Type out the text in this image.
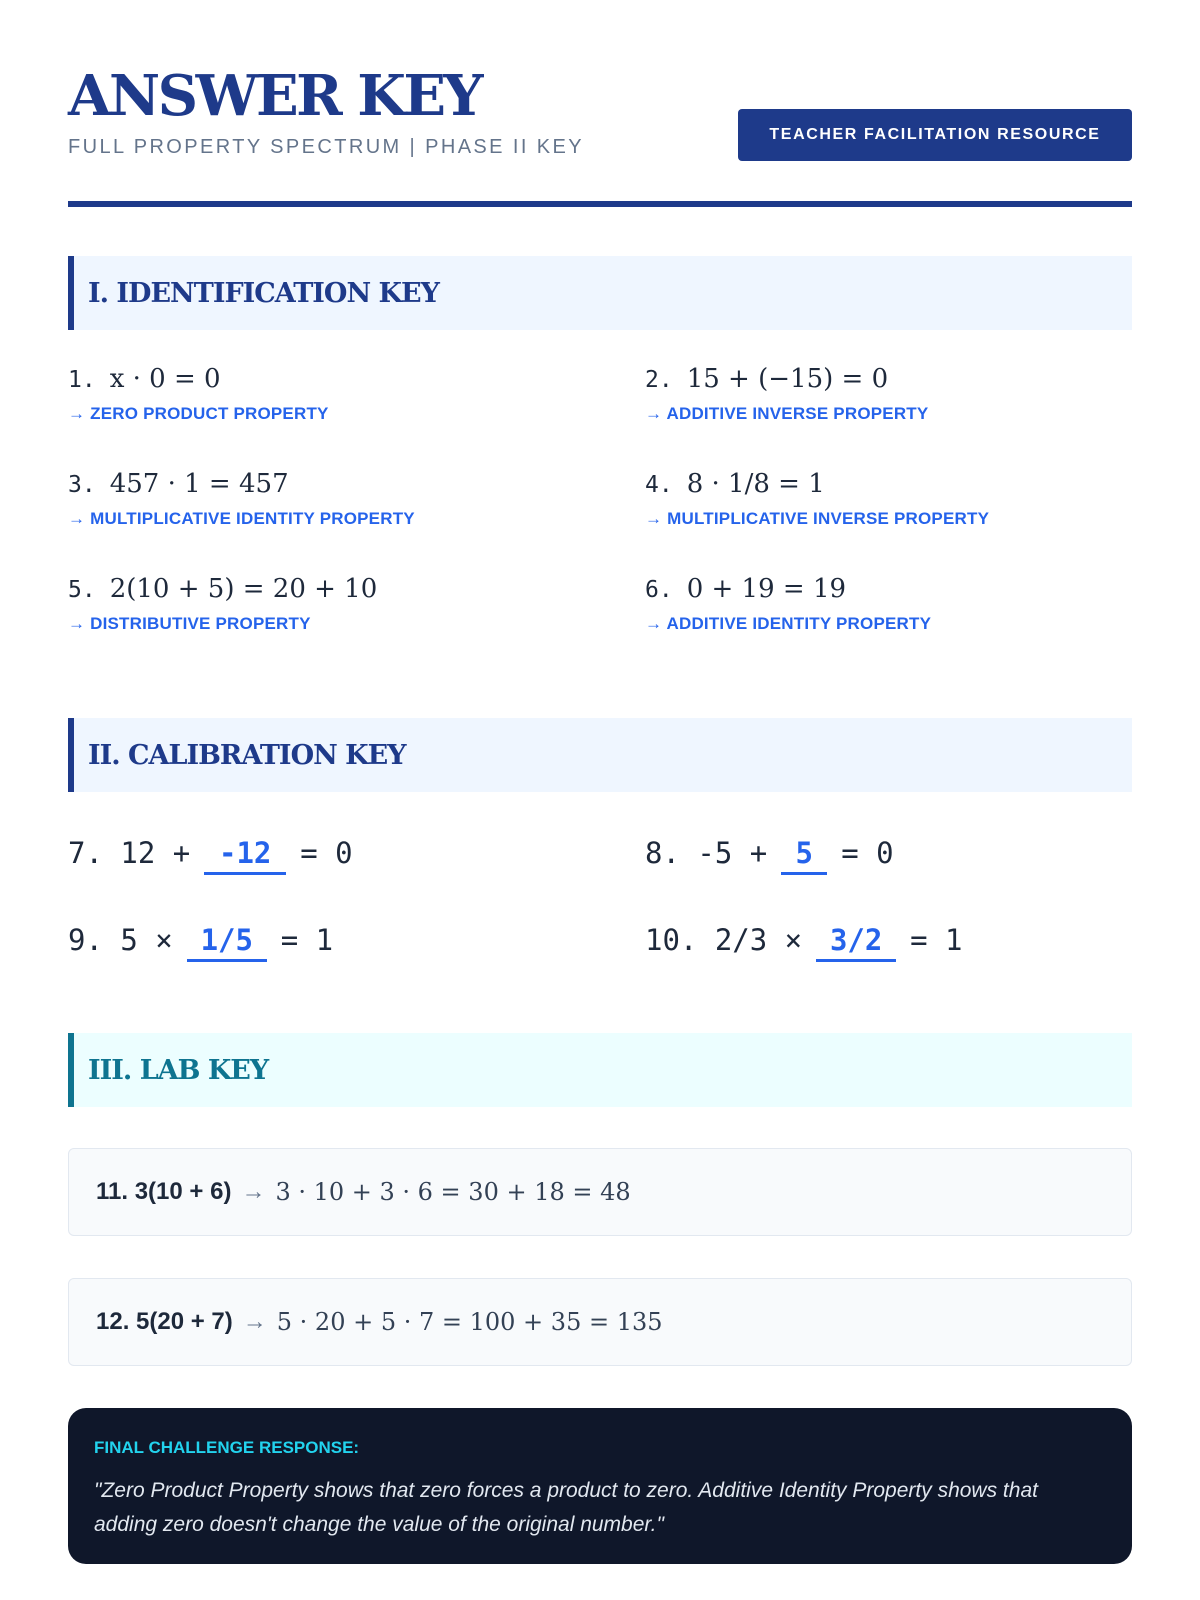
ANSWER KEY
FULL PROPERTY SPECTRUM | PHASE II KEY
TEACHER FACILITATION RESOURCE
I. IDENTIFICATION KEY
1. x · 0 = 0
→ ZERO PRODUCT PROPERTY
2. 15 + (−15) = 0
→ ADDITIVE INVERSE PROPERTY
3. 457 · 1 = 457
→ MULTIPLICATIVE IDENTITY PROPERTY
4. 8 · 1/8 = 1
→ MULTIPLICATIVE INVERSE PROPERTY
5. 2(10 + 5) = 20 + 10
→ DISTRIBUTIVE PROPERTY
6. 0 + 19 = 19
→ ADDITIVE IDENTITY PROPERTY
II. CALIBRATION KEY
7. 12 + -12 = 0	8. -5 + 5 = 0
9. 5 × 1/5 = 1	10. 2/3 × 3/2 = 1
III. LAB KEY
11. 3(10 + 6) → 3 · 10 + 3 · 6 = 30 + 18 = 48
12. 5(20 + 7) → 5 · 20 + 5 · 7 = 100 + 35 = 135
FINAL CHALLENGE RESPONSE:
"Zero Product Property shows that zero forces a product to zero. Additive Identity Property shows that adding zero doesn't change the value of the original number."
